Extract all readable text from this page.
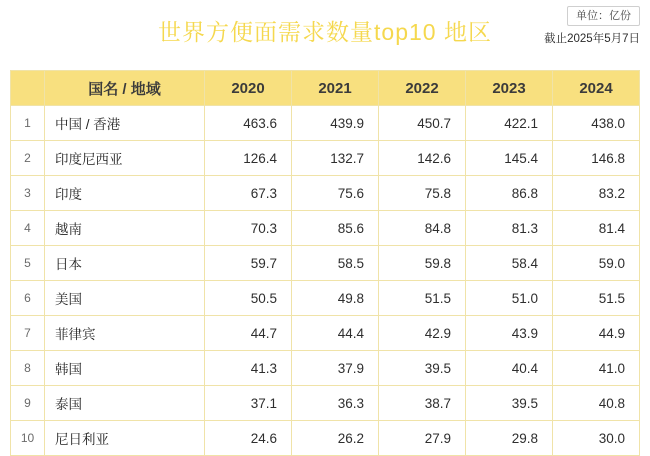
世界方便面需求数量top10 地区
单位：亿份
截止2025年5月7日
	国名 / 地域	2020	2021	2022	2023	2024
1	中国 / 香港	463.6	439.9	450.7	422.1	438.0
2	印度尼西亚	126.4	132.7	142.6	145.4	146.8
3	印度	67.3	75.6	75.8	86.8	83.2
4	越南	70.3	85.6	84.8	81.3	81.4
5	日本	59.7	58.5	59.8	58.4	59.0
6	美国	50.5	49.8	51.5	51.0	51.5
7	菲律宾	44.7	44.4	42.9	43.9	44.9
8	韩国	41.3	37.9	39.5	40.4	41.0
9	泰国	37.1	36.3	38.7	39.5	40.8
10	尼日利亚	24.6	26.2	27.9	29.8	30.0
